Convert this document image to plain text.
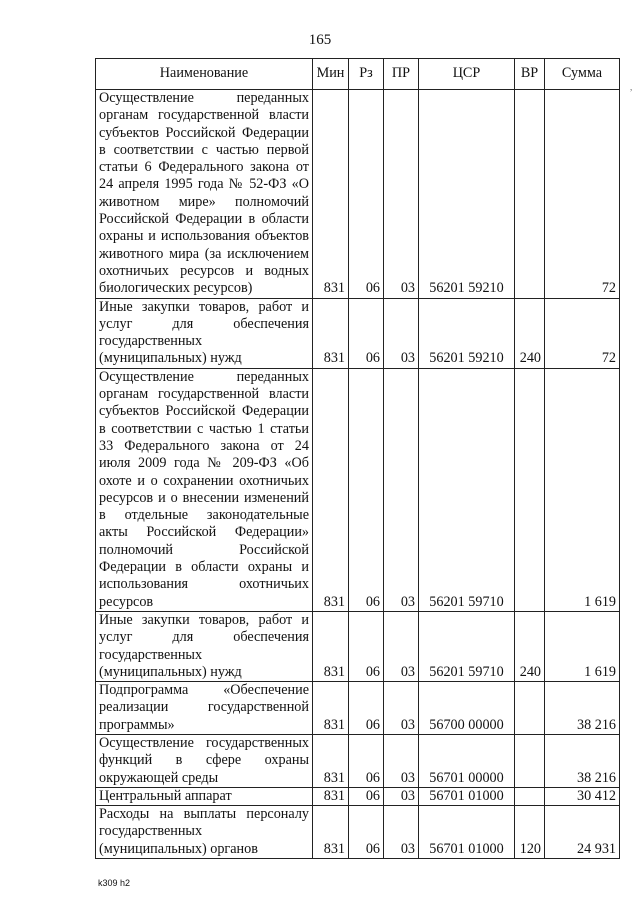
165
,
Наименование	Мин	Рз	ПР	ЦСР	ВР	Сумма
Осуществление переданных органам государственной власти субъектов Российской Федерации в соответствии с частью первой статьи 6 Федерального закона от 24 апреля 1995 года № 52-ФЗ «О животном мире» полномочий Российской Федерации в области охраны и использования объектов животного мира (за исключением охотничьих ресурсов и водных биологических ресурсов)	831	06	03	56201 59210		72
Иные закупки товаров, работ и услуг для обеспечения государственных (муниципальных) нужд	831	06	03	56201 59210	240	72
Осуществление переданных органам государственной власти субъектов Российской Федерации в соответствии с частью 1 статьи 33 Федерального закона от 24 июля 2009 года № 209-ФЗ «Об охоте и о сохранении охотничьих ресурсов и о внесении изменений в отдельные законодательные акты Российской Федерации» полномочий Российской Федерации в области охраны и использования охотничьих ресурсов	831	06	03	56201 59710		1 619
Иные закупки товаров, работ и услуг для обеспечения государственных (муниципальных) нужд	831	06	03	56201 59710	240	1 619
Подпрограмма «Обеспечение реализации государственной программы»	831	06	03	56700 00000		38 216
Осуществление государственных функций в сфере охраны окружающей среды	831	06	03	56701 00000		38 216
Центральный аппарат	831	06	03	56701 01000		30 412
Расходы на выплаты персоналу государственных (муниципальных) органов	831	06	03	56701 01000	120	24 931
k309 h2
